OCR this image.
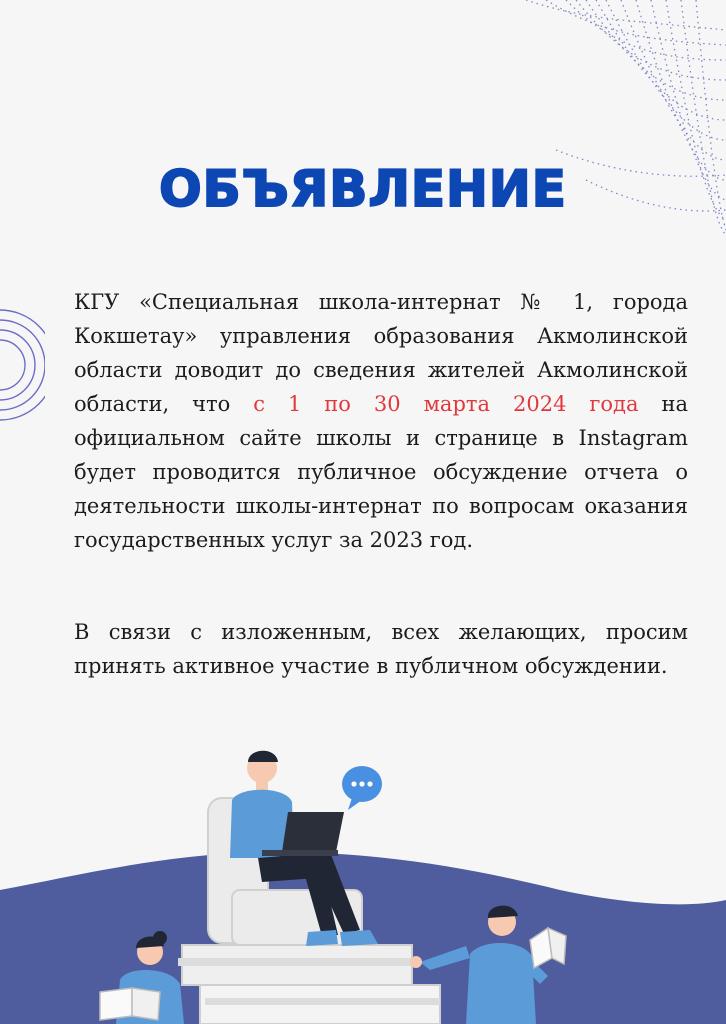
ОБЪЯВЛЕНИЕ
КГУ «Специальная школа-интернат № 1, города Кокшетау» управления образования Акмолинской области доводит до сведения жителей Акмолинской области, что с 1 по 30 марта 2024 года на официальном сайте школы и странице в Instagram будет проводится публичное обсуждение отчета о деятельности школы-интернат по вопросам оказания государственных услуг за 2023 год.
В связи с изложенным, всех желающих, просим принять активное участие в публичном обсуждении.
